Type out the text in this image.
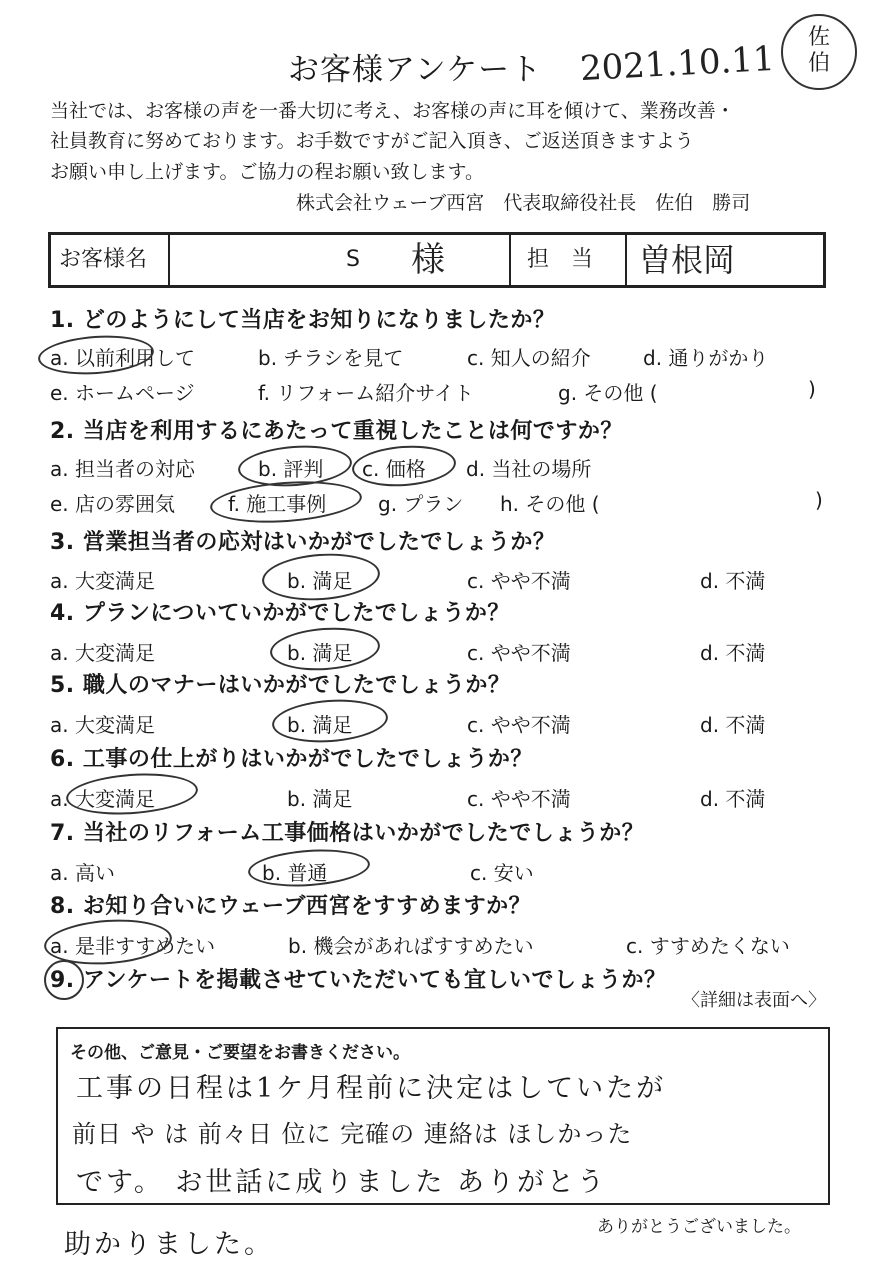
お客様アンケート 2021.10.11
佐
伯
当社では、お客様の声を一番大切に考え、お客様の声に耳を傾けて、業務改善・
社員教育に努めております。お手数ですがご記入頂き、ご返送頂きますよう
お願い申し上げます。ご協力の程お願い致します。
株式会社ウェーブ西宮　代表取締役社長　佐伯　勝司
お客様名	S 様	担　当 曽根岡
1. どのようにして当店をお知りになりましたか？
a. 以前利用して	b. チラシを見て	c. 知人の紹介	d. 通りがかり
e. ホームページ	f. リフォーム紹介サイト	g. その他 (	)
2. 当店を利用するにあたって重視したことは何ですか？
a. 担当者の対応	b. 評判 c. 価格 d. 当社の場所
e. 店の雰囲気	f. 施工事例	g. プラン h. その他 (	)
3. 営業担当者の応対はいかがでしたでしょうか？
a. 大変満足	b. 満足	c. やや不満	d. 不満
4. プランについていかがでしたでしょうか？
a. 大変満足	b. 満足	c. やや不満	d. 不満
5. 職人のマナーはいかがでしたでしょうか？
a. 大変満足	b. 満足	c. やや不満	d. 不満
6. 工事の仕上がりはいかがでしたでしょうか？
a. 大変満足	b. 満足	c. やや不満	d. 不満
7. 当社のリフォーム工事価格はいかがでしたでしょうか？
a. 高い	b. 普通	c. 安い
8. お知り合いにウェーブ西宮をすすめますか？
a. 是非すすめたい	b. 機会があればすすめたい	c. すすめたくない
9. アンケートを掲載させていただいても宜しいでしょうか？
〈詳細は表面へ〉
その他、ご意見・ご要望をお書きください。
工事の日程は1ケ月程前に決定はしていたが
前日 や は 前々日 位に 完確の 連絡は ほしかった
です。 お世話に成りました ありがとう
助かりました。
ありがとうございました。
